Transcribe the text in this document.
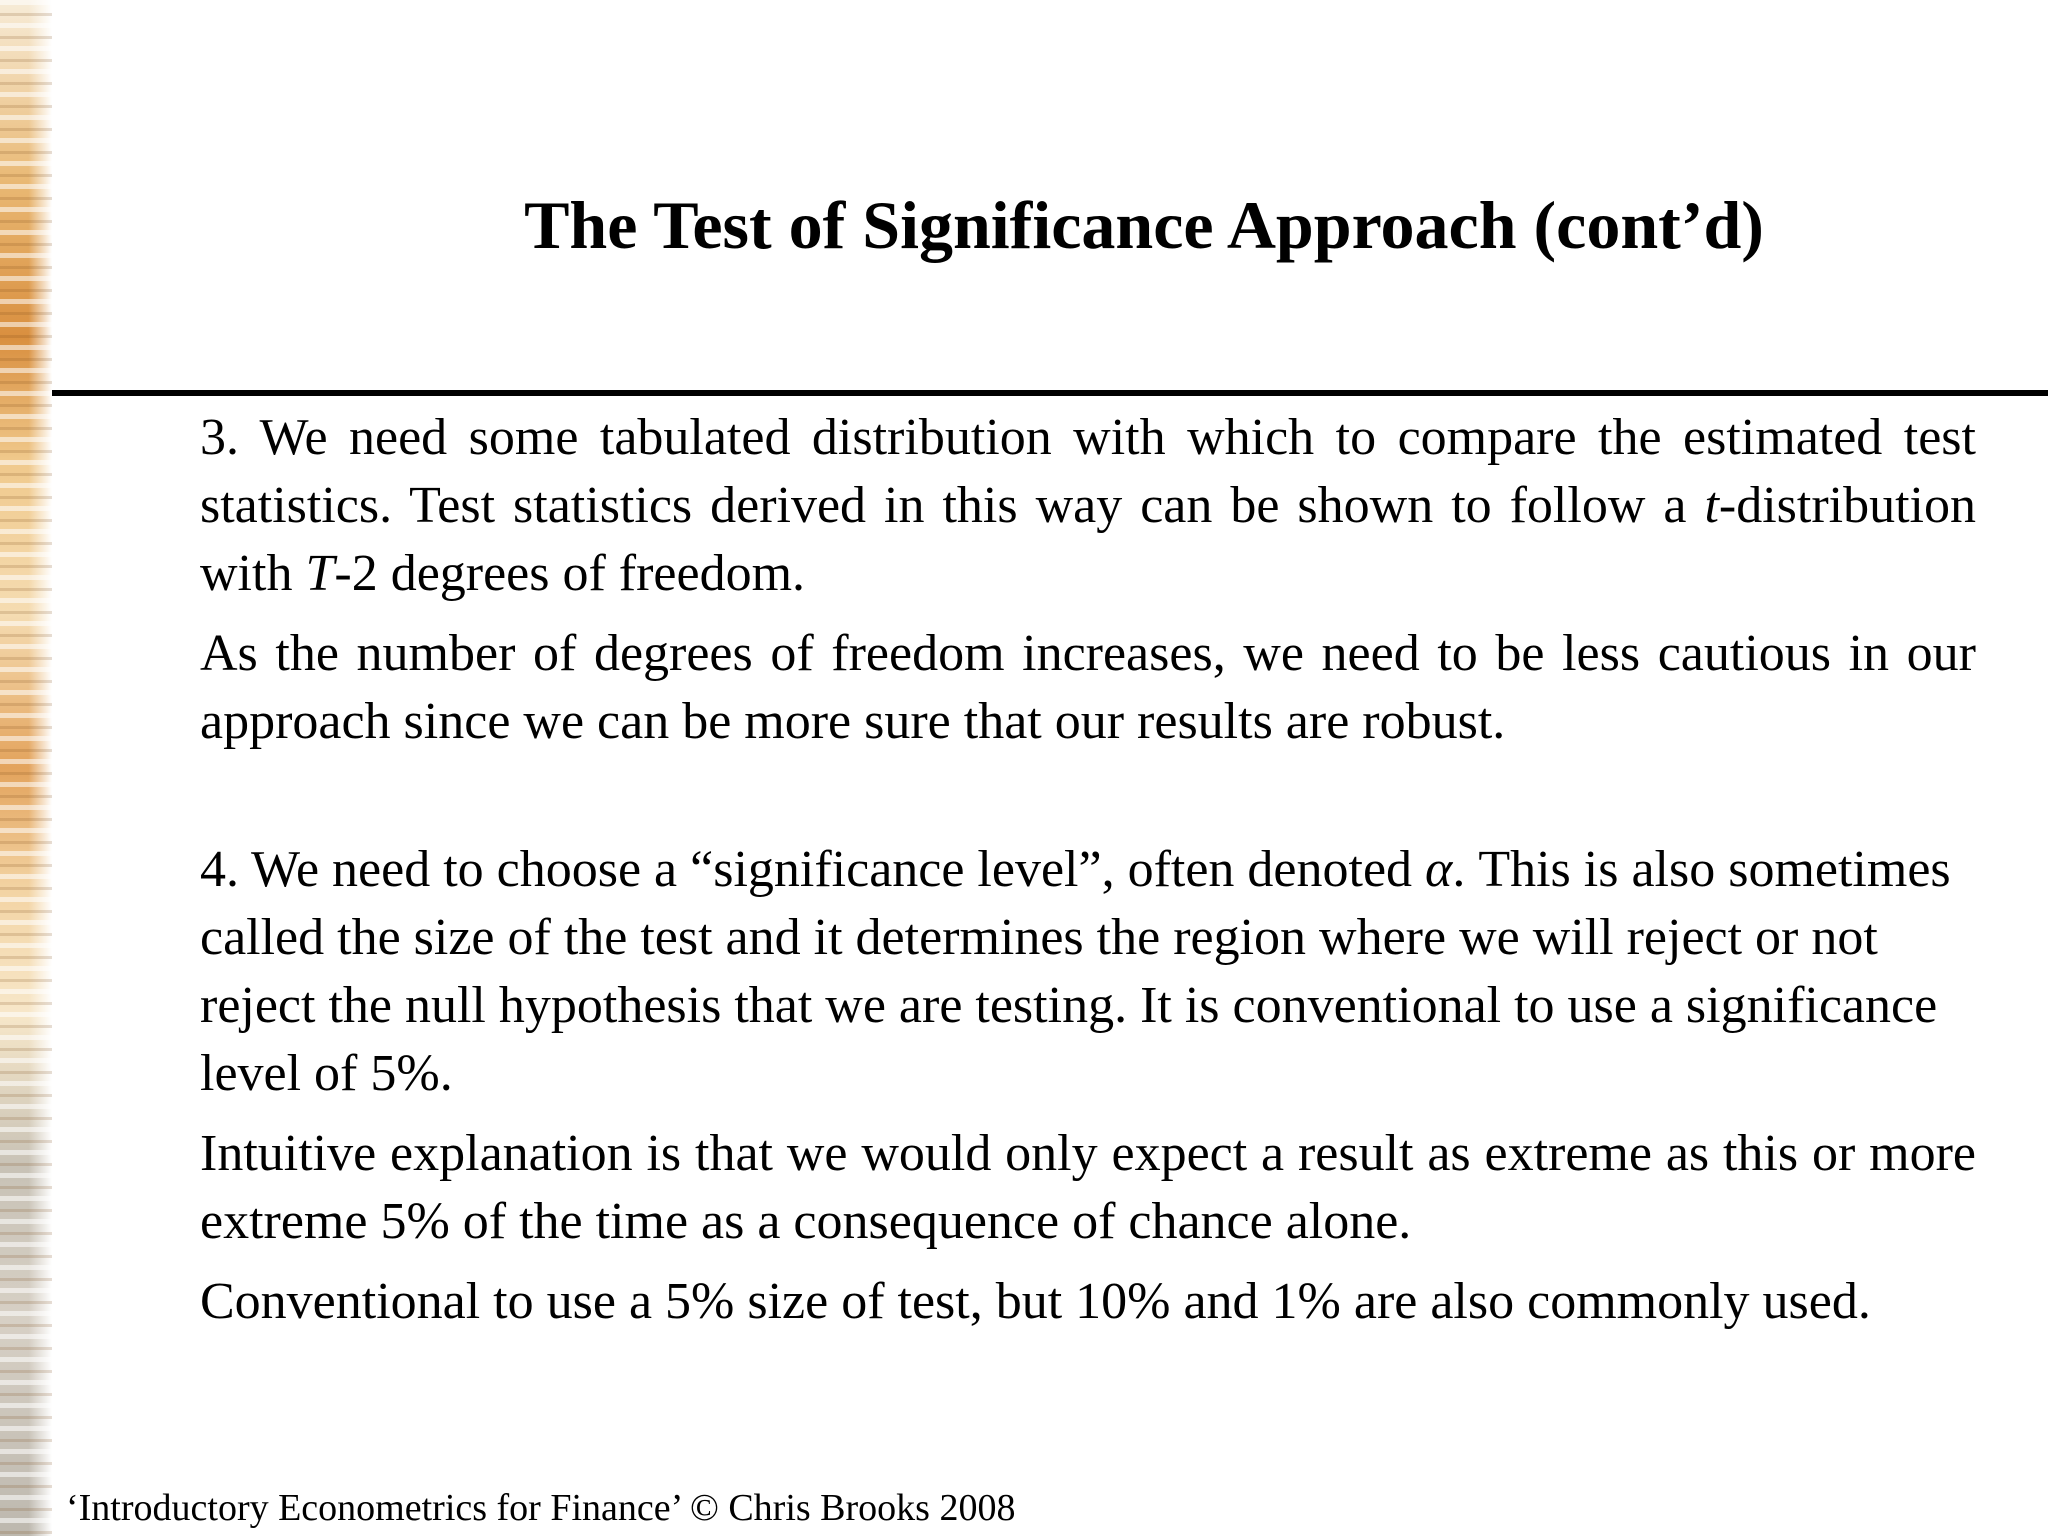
The Test of Significance Approach (cont’d)

3. We need some tabulated distribution with which to compare the estimated test statistics. Test statistics derived in this way can be shown to follow a t-distribution with T-2 degrees of freedom.

As the number of degrees of freedom increases, we need to be less cautious in our approach since we can be more sure that our results are robust.

4. We need to choose a “significance level”, often denoted α. This is also sometimes called the size of the test and it determines the region where we will reject or not reject the null hypothesis that we are testing. It is conventional to use a significance level of 5%.

Intuitive explanation is that we would only expect a result as extreme as this or more extreme 5% of the time as a consequence of chance alone.

Conventional to use a 5% size of test, but 10% and 1% are also commonly used.

‘Introductory Econometrics for Finance’ © Chris Brooks 2008
